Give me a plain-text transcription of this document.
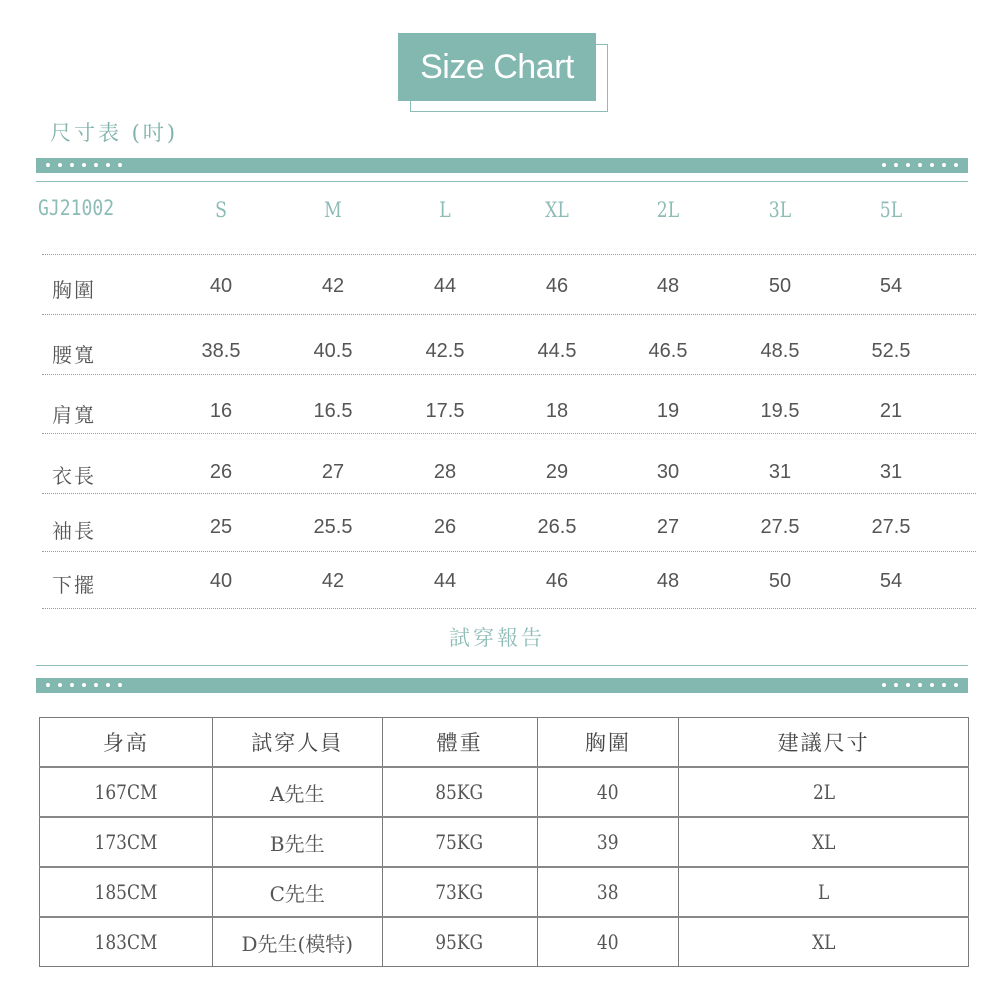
Size Chart
尺寸表 (吋)
GJ21002	S	M	L	XL	2L	3L	5L
胸圍	40	42	44	46	48	50	54
腰寬	38.5	40.5	42.5	44.5	46.5	48.5	52.5
肩寬	16	16.5	17.5	18	19	19.5	21
衣長	26	27	28	29	30	31	31
袖長	25	25.5	26	26.5	27	27.5	27.5
下擺	40	42	44	46	48	50	54
試穿報告
身高	試穿人員	體重	胸圍	建議尺寸
167CM	A先生	85KG	40	2L
173CM	B先生	75KG	39	XL
185CM	C先生	73KG	38	L
183CM	D先生(模特)	95KG	40	XL
